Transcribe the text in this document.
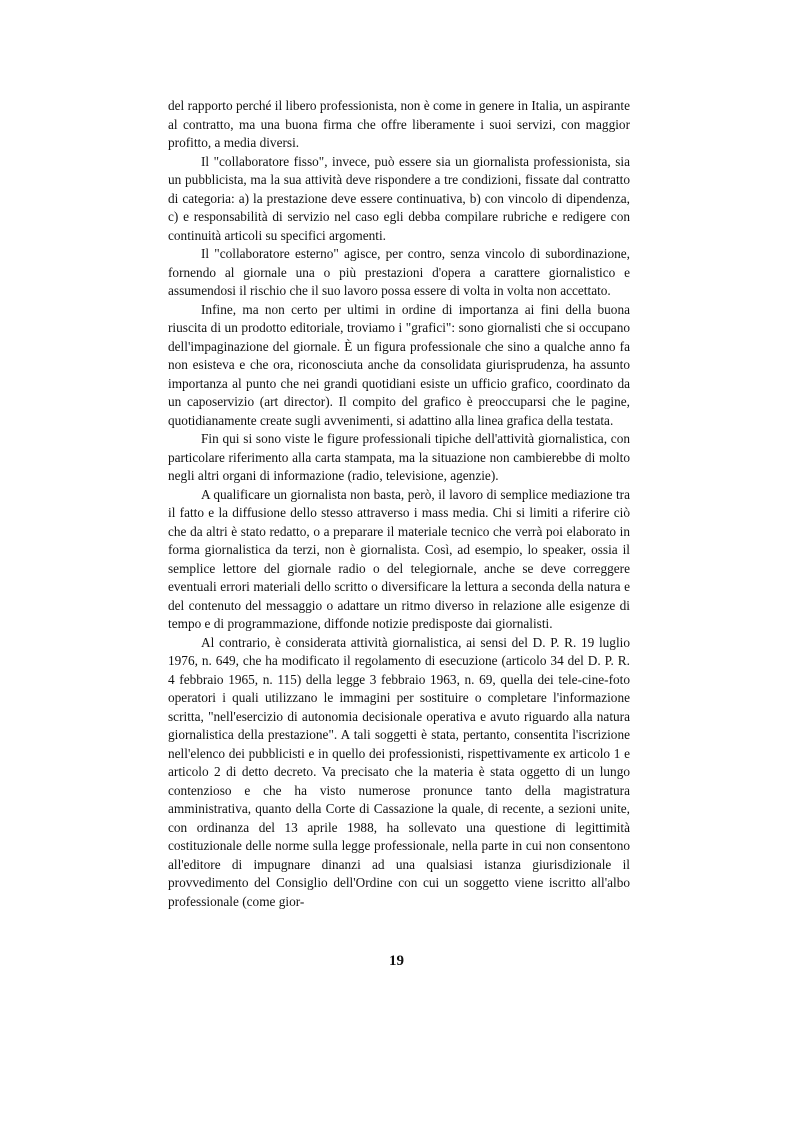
del rapporto perché il libero professionista, non è come in genere in Italia, un aspirante al contratto, ma una buona firma che offre liberamente i suoi servizi, con maggior profitto, a media diversi.

Il "collaboratore fisso", invece, può essere sia un giornalista professionista, sia un pubblicista, ma la sua attività deve rispondere a tre condizioni, fissate dal contratto di categoria: a) la prestazione deve essere continuativa, b) con vincolo di dipendenza, c) e responsabilità di servizio nel caso egli debba compilare rubriche e redigere con continuità articoli su specifici argomenti.

Il "collaboratore esterno" agisce, per contro, senza vincolo di subordinazione, fornendo al giornale una o più prestazioni d'opera a carattere giornalistico e assumendosi il rischio che il suo lavoro possa essere di volta in volta non accettato.

Infine, ma non certo per ultimi in ordine di importanza ai fini della buona riuscita di un prodotto editoriale, troviamo i "grafici": sono giornalisti che si occupano dell'impaginazione del giornale. È un figura professionale che sino a qualche anno fa non esisteva e che ora, riconosciuta anche da consolidata giurisprudenza, ha assunto importanza al punto che nei grandi quotidiani esiste un ufficio grafico, coordinato da un caposervizio (art director). Il compito del grafico è preoccuparsi che le pagine, quotidianamente create sugli avvenimenti, si adattino alla linea grafica della testata.

Fin qui si sono viste le figure professionali tipiche dell'attività giornalistica, con particolare riferimento alla carta stampata, ma la situazione non cambierebbe di molto negli altri organi di informazione (radio, televisione, agenzie).

A qualificare un giornalista non basta, però, il lavoro di semplice mediazione tra il fatto e la diffusione dello stesso attraverso i mass media. Chi si limiti a riferire ciò che da altri è stato redatto, o a preparare il materiale tecnico che verrà poi elaborato in forma giornalistica da terzi, non è giornalista. Così, ad esempio, lo speaker, ossia il semplice lettore del giornale radio o del telegiornale, anche se deve correggere eventuali errori materiali dello scritto o diversificare la lettura a seconda della natura e del contenuto del messaggio o adattare un ritmo diverso in relazione alle esigenze di tempo e di programmazione, diffonde notizie predisposte dai giornalisti.

Al contrario, è considerata attività giornalistica, ai sensi del D. P. R. 19 luglio 1976, n. 649, che ha modificato il regolamento di esecuzione (articolo 34 del D. P. R. 4 febbraio 1965, n. 115) della legge 3 febbraio 1963, n. 69, quella dei tele-cine-foto operatori i quali utilizzano le immagini per sostituire o completare l'informazione scritta, "nell'esercizio di autonomia decisionale operativa e avuto riguardo alla natura giornalistica della prestazione". A tali soggetti è stata, pertanto, consentita l'iscrizione nell'elenco dei pubblicisti e in quello dei professionisti, rispettivamente ex articolo 1 e articolo 2 di detto decreto. Va precisato che la materia è stata oggetto di un lungo contenzioso e che ha visto numerose pronunce tanto della magistratura amministrativa, quanto della Corte di Cassazione la quale, di recente, a sezioni unite, con ordinanza del 13 aprile 1988, ha sollevato una questione di legittimità costituzionale delle norme sulla legge professionale, nella parte in cui non consentono all'editore di impugnare dinanzi ad una qualsiasi istanza giurisdizionale il provvedimento del Consiglio dell'Ordine con cui un soggetto viene iscritto all'albo professionale (come gior-

19
